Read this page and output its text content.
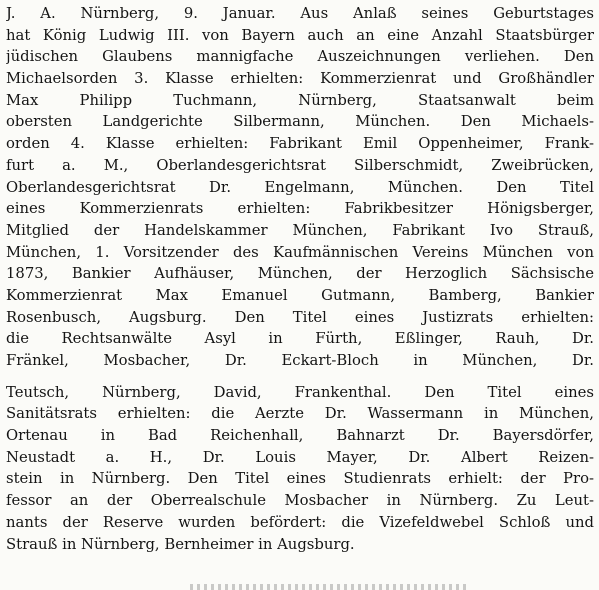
J. A. Nürnberg, 9. Januar. Aus Anlaß seines Geburtstages
hat König Ludwig III. von Bayern auch an eine Anzahl Staatsbürger
jüdischen Glaubens mannigfache Auszeichnungen verliehen. Den
Michaelsorden 3. Klasse erhielten: Kommerzienrat und Großhändler
Max Philipp Tuchmann, Nürnberg, Staatsanwalt beim
obersten Landgerichte Silbermann, München. Den Michaels-
orden 4. Klasse erhielten: Fabrikant Emil Oppenheimer, Frank-
furt a. M., Oberlandesgerichtsrat Silberschmidt, Zweibrücken,
Oberlandesgerichtsrat Dr. Engelmann, München. Den Titel
eines Kommerzienrats erhielten: Fabrikbesitzer Hönigsberger,
Mitglied der Handelskammer München, Fabrikant Ivo Strauß,
München, 1. Vorsitzender des Kaufmännischen Vereins München von
1873, Bankier Aufhäuser, München, der Herzoglich Sächsische
Kommerzienrat Max Emanuel Gutmann, Bamberg, Bankier
Rosenbusch, Augsburg. Den Titel eines Justizrats erhielten:
die Rechtsanwälte Asyl in Fürth, Eßlinger, Rauh, Dr.
Fränkel, Mosbacher, Dr. Eckart-Bloch in München, Dr.
Teutsch, Nürnberg, David, Frankenthal. Den Titel eines
Sanitätsrats erhielten: die Aerzte Dr. Wassermann in München,
Ortenau in Bad Reichenhall, Bahnarzt Dr. Bayersdörfer,
Neustadt a. H., Dr. Louis Mayer, Dr. Albert Reizen-
stein in Nürnberg. Den Titel eines Studienrats erhielt: der Pro-
fessor an der Oberrealschule Mosbacher in Nürnberg. Zu Leut-
nants der Reserve wurden befördert: die Vizefeldwebel Schloß und
Strauß in Nürnberg, Bernheimer in Augsburg.
